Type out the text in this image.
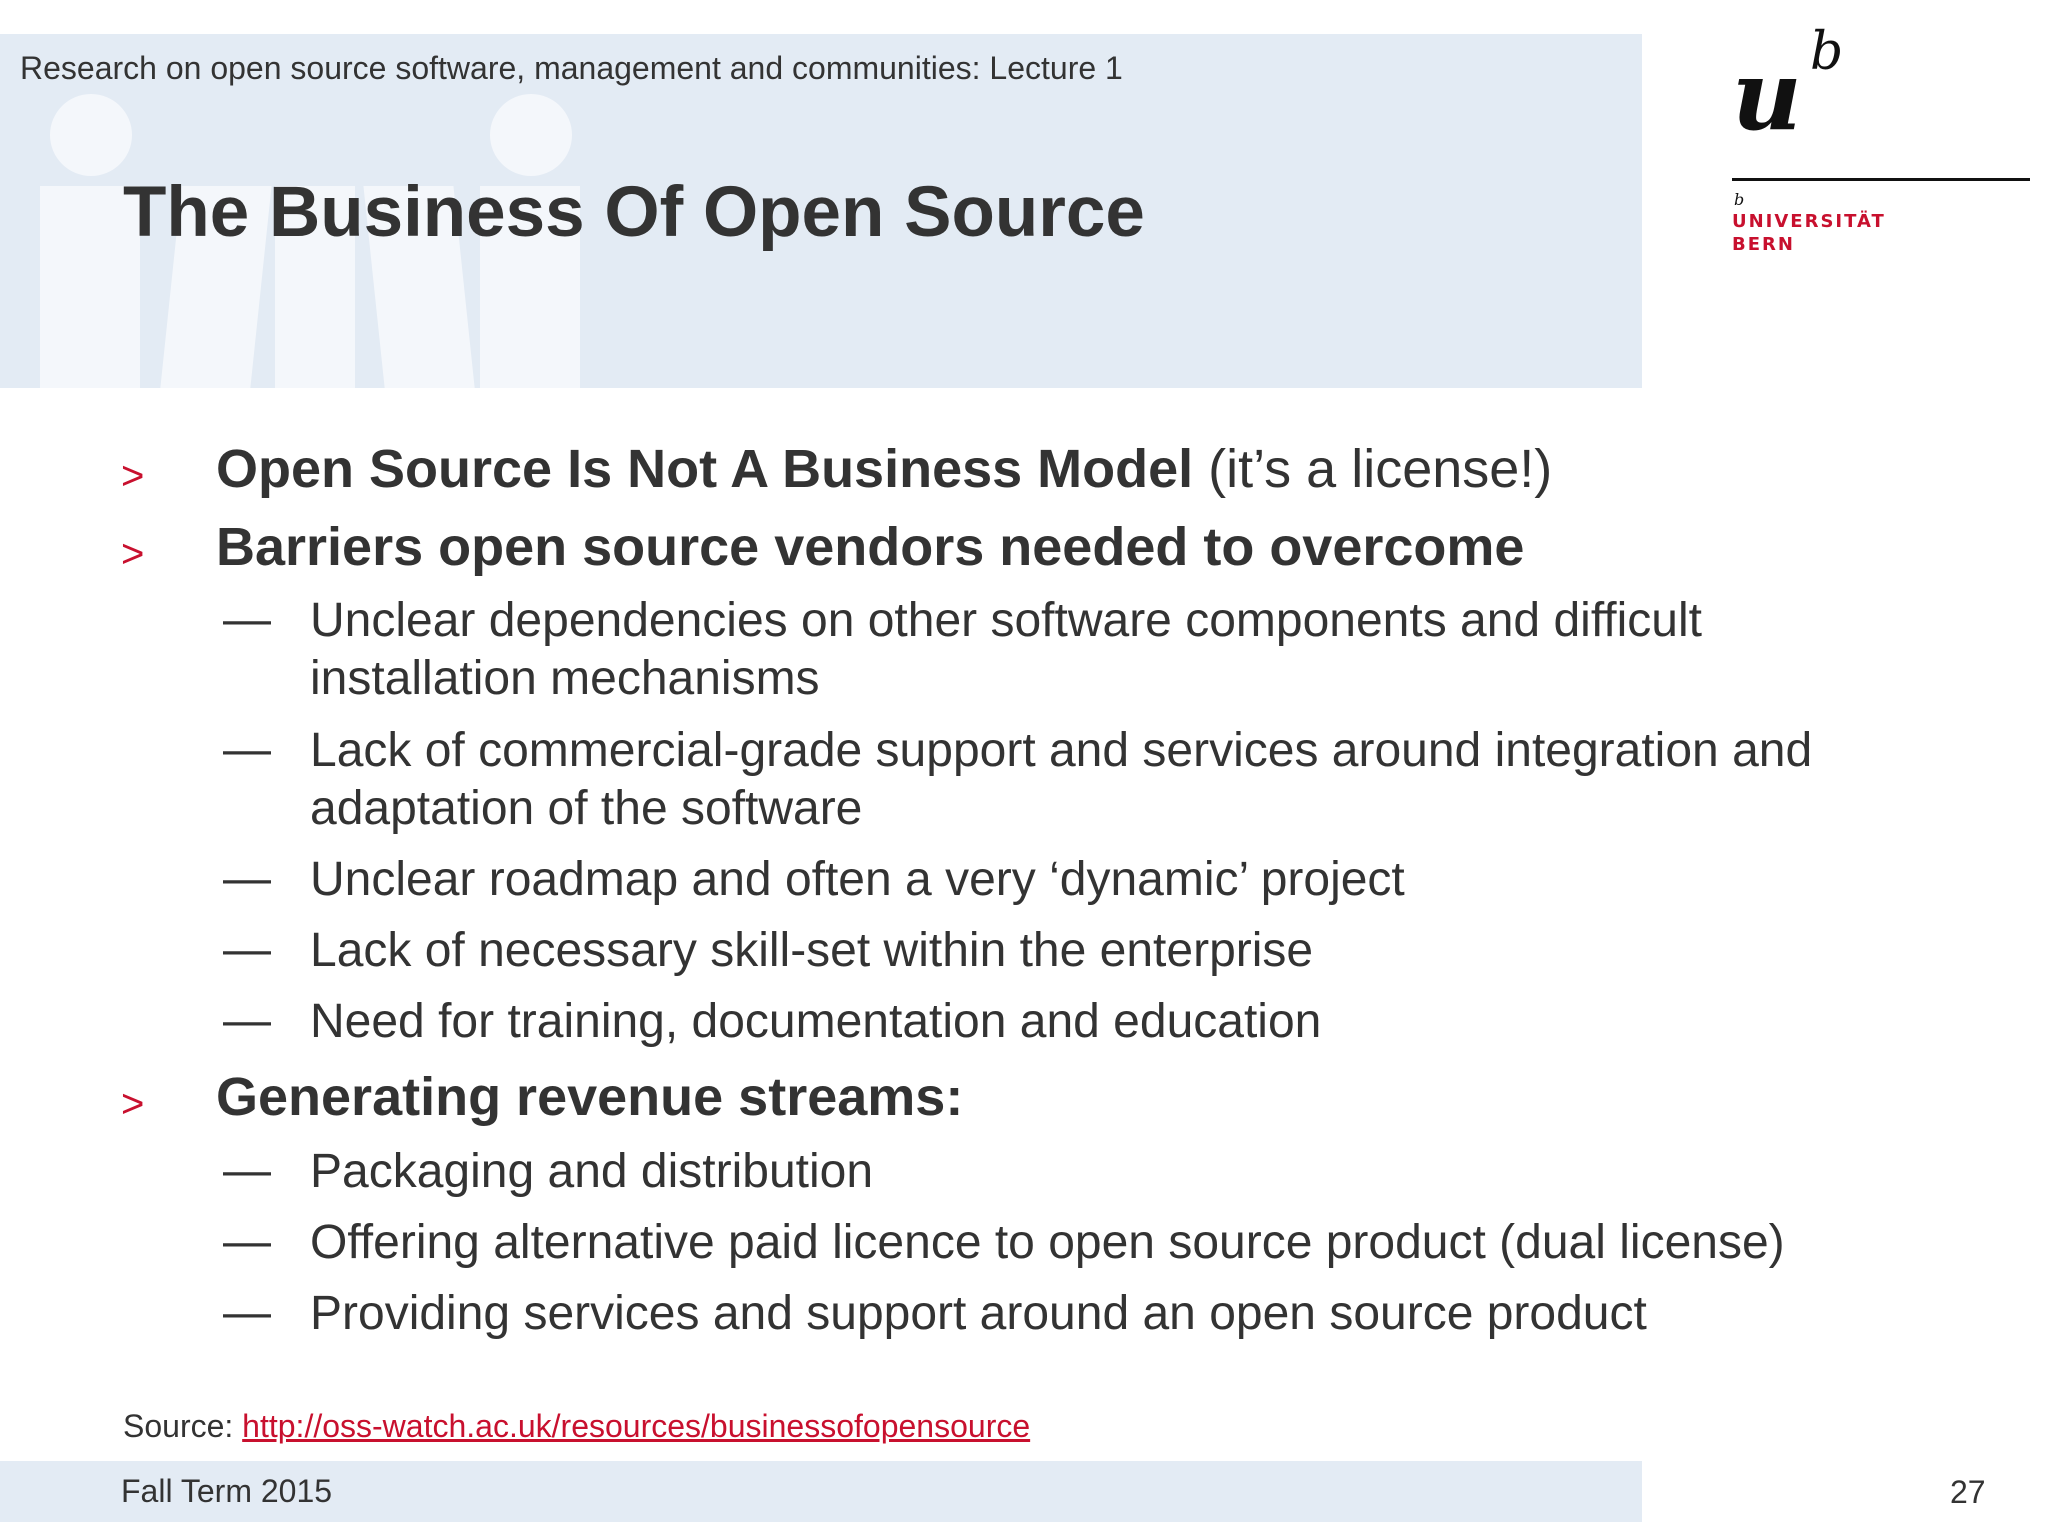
Research on open source software, management and communities: Lecture 1
The Business Of Open Source
u b
b
UNIVERSITÄT
BERN
> Open Source Is Not A Business Model (it’s a license!)
> Barriers open source vendors needed to overcome
— Unclear dependencies on other software components and difficult installation mechanisms
— Lack of commercial-grade support and services around integration and adaptation of the software
— Unclear roadmap and often a very ‘dynamic’ project
— Lack of necessary skill-set within the enterprise
— Need for training, documentation and education
> Generating revenue streams:
— Packaging and distribution
— Offering alternative paid licence to open source product (dual license)
— Providing services and support around an open source product
Source: http://oss-watch.ac.uk/resources/businessofopensource
Fall Term 2015	27
